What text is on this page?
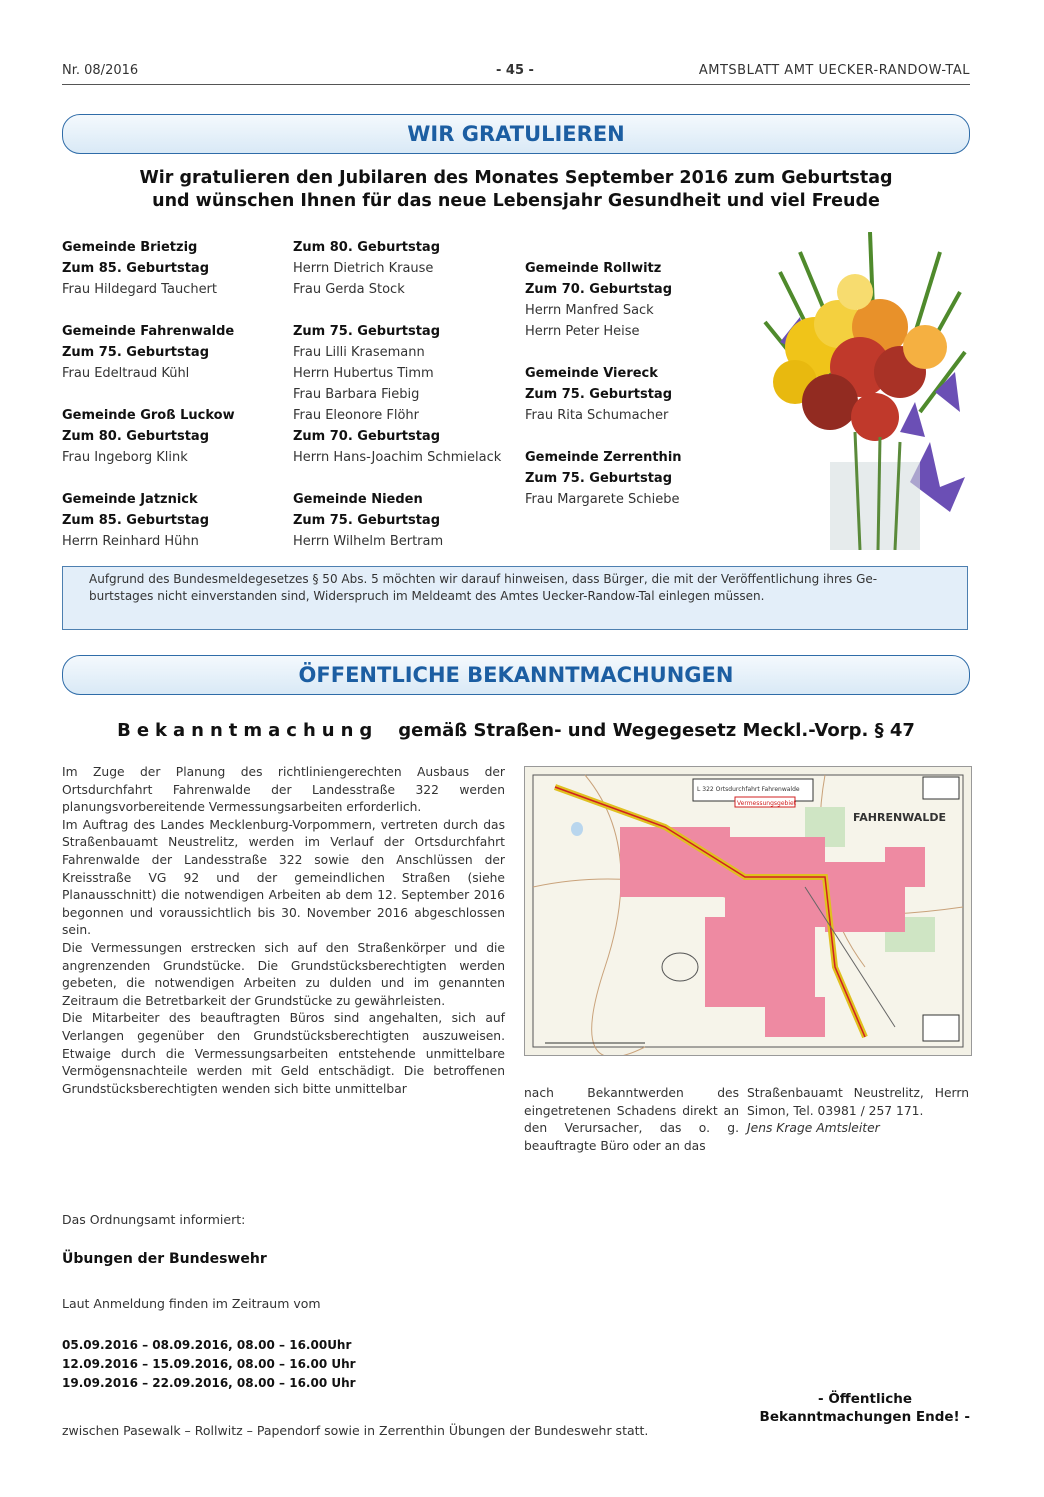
Nr. 08/2016	- 45 -	AMTSBLATT AMT UECKER-RANDOW-TAL
WIR GRATULIEREN
Wir gratulieren den Jubilaren des Monates September 2016 zum Geburtstag
und wünschen Ihnen für das neue Lebensjahr Gesundheit und viel Freude
Gemeinde Brietzig
Zum 85. Geburtstag
Frau Hildegard Tauchert
Gemeinde Fahrenwalde
Zum 75. Geburtstag
Frau Edeltraud Kühl
Gemeinde Groß Luckow
Zum 80. Geburtstag
Frau Ingeborg Klink
Gemeinde Jatznick
Zum 85. Geburtstag
Herrn Reinhard Hühn
Zum 80. Geburtstag
Herrn Dietrich Krause
Frau Gerda Stock
Zum 75. Geburtstag
Frau Lilli Krasemann
Herrn Hubertus Timm
Frau Barbara Fiebig
Frau Eleonore Flöhr
Zum 70. Geburtstag
Herrn Hans-Joachim Schmielack
Gemeinde Nieden
Zum 75. Geburtstag
Herrn Wilhelm Bertram
Gemeinde Rollwitz
Zum 70. Geburtstag
Herrn Manfred Sack
Herrn Peter Heise
Gemeinde Viereck
Zum 75. Geburtstag
Frau Rita Schumacher
Gemeinde Zerrenthin
Zum 75. Geburtstag
Frau Margarete Schiebe
Aufgrund des Bundesmeldegesetzes § 50 Abs. 5 möchten wir darauf hinweisen, dass Bürger, die mit der Veröffentlichung ihres Ge-burtstages nicht einverstanden sind, Widerspruch im Meldeamt des Amtes Uecker-Randow-Tal einlegen müssen.
ÖFFENTLICHE BEKANNTMACHUNGEN
Bekanntmachung gemäß Straßen- und Wegegesetz Meckl.-Vorp. § 47
Im Zuge der Planung des richtliniengerechten Ausbaus der Ortsdurchfahrt Fahrenwalde der Landesstraße 322 werden planungsvorbereitende Vermessungsarbeiten erforderlich.
Im Auftrag des Landes Mecklenburg-Vorpommern, vertreten durch das Straßenbauamt Neustrelitz, werden im Verlauf der Ortsdurchfahrt Fahrenwalde der Landesstraße 322 sowie den Anschlüssen der Kreisstraße VG 92 und der gemeindlichen Straßen (siehe Planausschnitt) die notwendigen Arbeiten ab dem 12. September 2016 begonnen und voraussichtlich bis 30. November 2016 abgeschlossen sein.
Die Vermessungen erstrecken sich auf den Straßenkörper und die angrenzenden Grundstücke. Die Grundstücksberechtigten werden gebeten, die notwendigen Arbeiten zu dulden und im genannten Zeitraum die Betretbarkeit der Grundstücke zu gewährleisten.
Die Mitarbeiter des beauftragten Büros sind angehalten, sich auf Verlangen gegenüber den Grundstücksberechtigten auszuweisen. Etwaige durch die Vermessungsarbeiten entstehende unmittelbare Vermögensnachteile werden mit Geld entschädigt. Die betroffenen Grundstücksberechtigten wenden sich bitte unmittelbar
L 322 Ortsdurchfahrt Fahrenwalde
Vermessungsgebiet
FAHRENWALDE
nach Bekanntwerden des eingetretenen Schadens direkt an den Verursacher, das o. g. beauftragte Büro oder an das
Straßenbauamt Neustrelitz, Herrn Simon, Tel. 03981 / 257 171.
Jens Krage Amtsleiter
Das Ordnungsamt informiert:
Übungen der Bundeswehr
Laut Anmeldung finden im Zeitraum vom
05.09.2016 – 08.09.2016, 08.00 – 16.00Uhr
12.09.2016 – 15.09.2016, 08.00 – 16.00 Uhr
19.09.2016 – 22.09.2016, 08.00 – 16.00 Uhr
zwischen Pasewalk – Rollwitz – Papendorf sowie in Zerrenthin Übungen der Bundeswehr statt.
- Öffentliche
Bekanntmachungen Ende! -
